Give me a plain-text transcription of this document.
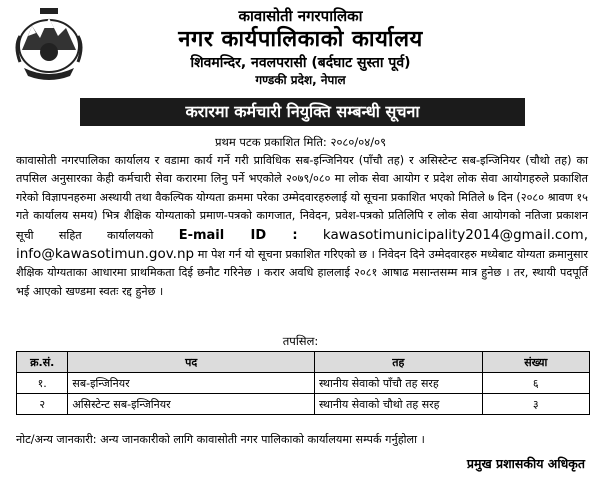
कावासोती नगरपालिका
नगर कार्यपालिकाको कार्यालय
शिवमन्दिर, नवलपरासी (बर्दघाट सुस्ता पूर्व)
गण्डकी प्रदेश, नेपाल
करारमा कर्मचारी नियुक्ति सम्बन्धी सूचना
प्रथम पटक प्रकाशित मिति: २०८०/०४/०९
कावासोती नगरपालिका कार्यालय र वडामा कार्य गर्ने गरी प्राविधिक सब-इन्जिनियर (पाँचौ तह) र असिस्टेन्ट सब-इन्जिनियर (चौथो तह) का तपसिल अनुसारका केही कर्मचारी सेवा करारमा लिनु पर्ने भएकोले २०७९/०८० मा लोक सेवा आयोग र प्रदेश लोक सेवा आयोगहरुले प्रकाशित गरेको विज्ञापनहरुमा अस्थायी तथा वैकल्पिक योग्यता क्रममा परेका उम्मेदवारहरुलाई यो सूचना प्रकाशित भएको मितिले ७ दिन (२०८० श्रावण १५ गते कार्यालय समय) भित्र शैक्षिक योग्यताको प्रमाण-पत्रको कागजात, निवेदन, प्रवेश-पत्रको प्रतिलिपि र लोक सेवा आयोगको नतिजा प्रकाशन सूची सहित कार्यालयको E-mail ID : kawasotimunicipality2014@gmail.com, info@kawasotimun.gov.np मा पेश गर्न यो सूचना प्रकाशित गरिएको छ । निवेदन दिने उम्मेदवारहरु मध्येबाट योग्यता क्रमानुसार शैक्षिक योग्यताका आधारमा प्राथमिकता दिई छनौट गरिनेछ । करार अवधि हाललाई २०८१ आषाढ मसान्तसम्म मात्र हुनेछ । तर, स्थायी पदपूर्ति भई आएको खण्डमा स्वतः रद्द हुनेछ ।
तपसिल:
क्र.सं.	पद	तह	संख्या
१.	सब-इन्जिनियर	स्थानीय सेवाको पाँचौ तह सरह	६
२	असिस्टेन्ट सब-इन्जिनियर	स्थानीय सेवाको चौथो तह सरह	३
नोट/अन्य जानकारी: अन्य जानकारीको लागि कावासोती नगर पालिकाको कार्यालयमा सम्पर्क गर्नुहोला ।
प्रमुख प्रशासकीय अधिकृत
